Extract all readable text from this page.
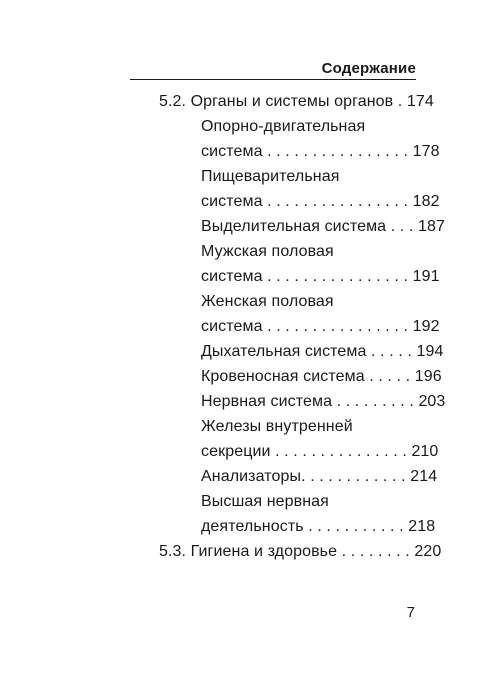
Содержание
5.2. Органы и системы органов . 174
Опорно-двигательная
система . . . . . . . . . . . . . . . . 178
Пищеварительная
система . . . . . . . . . . . . . . . . 182
Выделительная система . . . 187
Мужская половая
система . . . . . . . . . . . . . . . . 191
Женская половая
система . . . . . . . . . . . . . . . . 192
Дыхательная система . . . . . 194
Кровеносная система . . . . . 196
Нервная система . . . . . . . . . 203
Железы внутренней
секреции . . . . . . . . . . . . . . . 210
Анализаторы. . . . . . . . . . . . 214
Высшая нервная
деятельность . . . . . . . . . . . 218
5.3. Гигиена и здоровье . . . . . . . . 220
7
